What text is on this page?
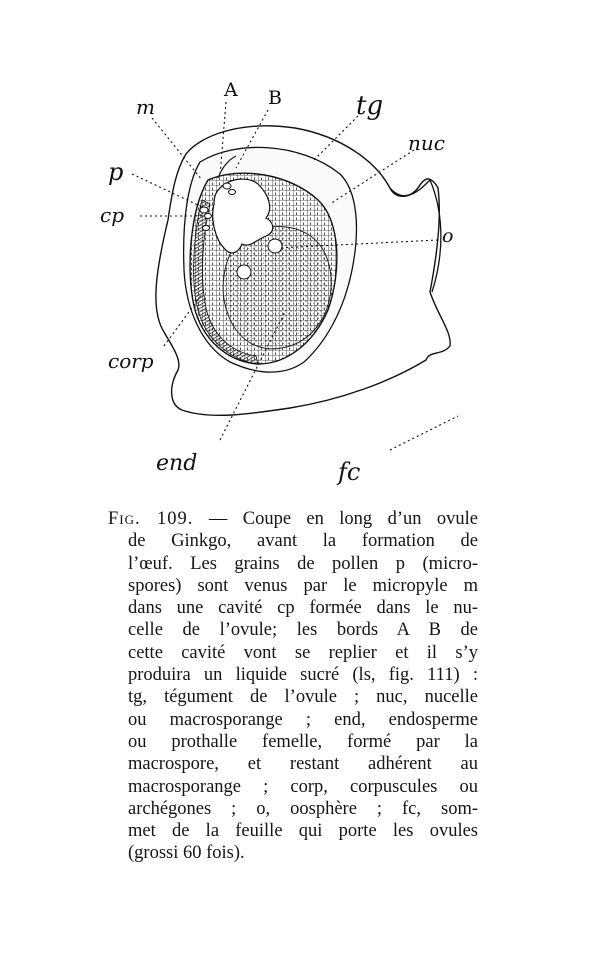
A B
m	tg
nuc
p
cp
o
corp
end	fc
Fig. 109. — Coupe en long d’un ovule
de Ginkgo, avant la formation de
l’œuf. Les grains de pollen p (micro-
spores) sont venus par le micropyle m
dans une cavité cp formée dans le nu-
celle de l’ovule; les bords A B de
cette cavité vont se replier et il s’y
produira un liquide sucré (ls, fig. 111) :
tg, tégument de l’ovule ; nuc, nucelle
ou macrosporange ; end, endosperme
ou prothalle femelle, formé par la
macrospore, et restant adhérent au
macrosporange ; corp, corpuscules ou
archégones ; o, oosphère ; fc, som-
met de la feuille qui porte les ovules
(grossi 60 fois).
